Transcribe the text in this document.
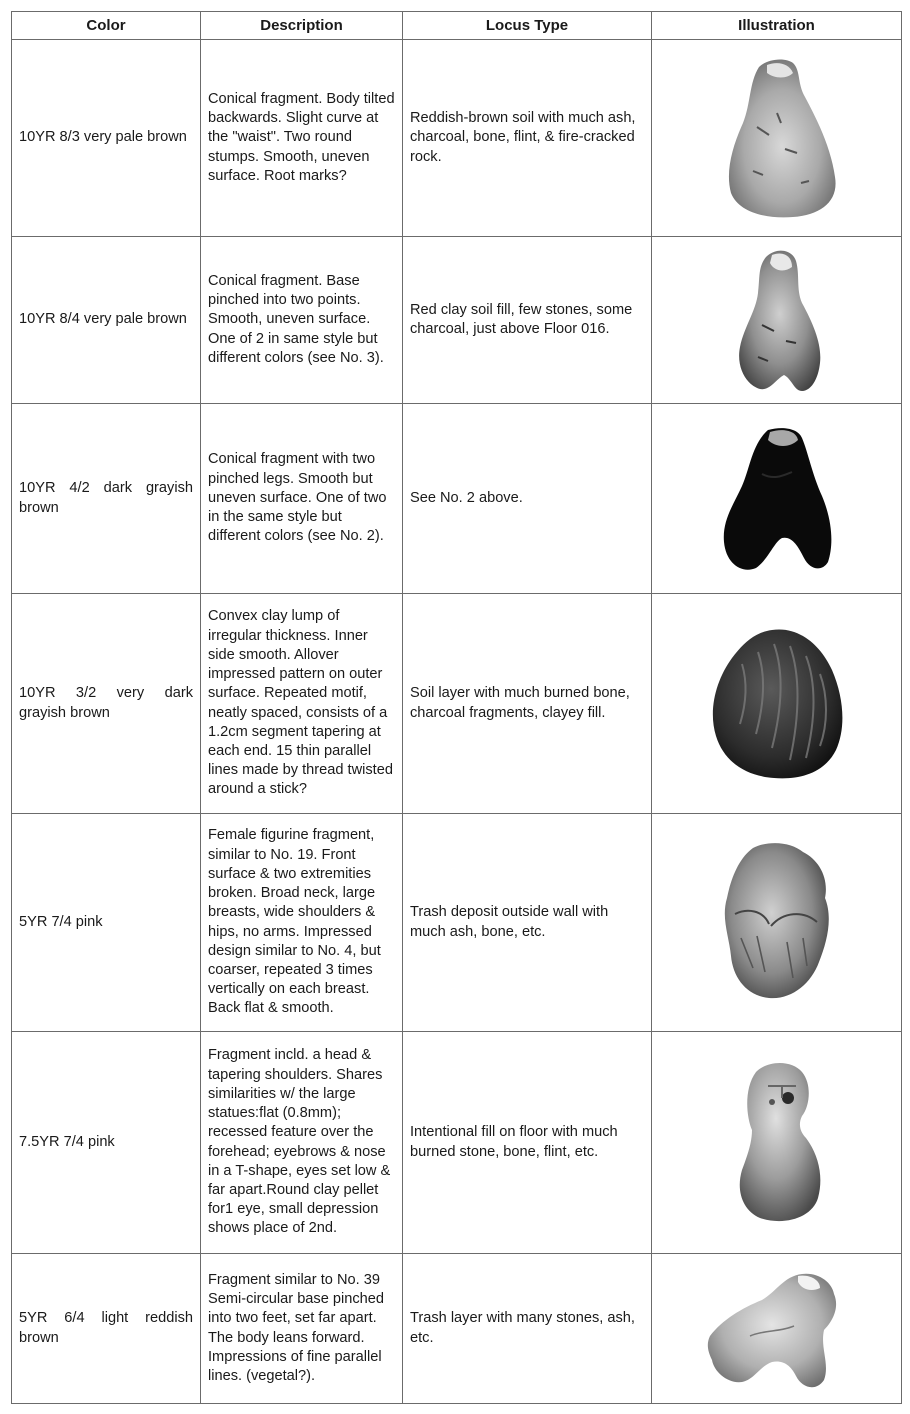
Color	Description	Locus Type	Illustration
10YR 8/3 very pale brown	Conical fragment. Body tilted backwards. Slight curve at the "waist". Two round stumps. Smooth, uneven surface. Root marks?	Reddish-brown soil with much ash, charcoal, bone, flint, & fire-cracked rock.	

10YR 8/4 very pale brown	Conical fragment. Base pinched into two points. Smooth, uneven surface. One of 2 in same style but different colors (see No. 3).	Red clay soil fill, few stones, some charcoal, just above Floor 016.	

10YR 4/2 dark grayish brown	Conical fragment with two pinched legs. Smooth but uneven surface. One of two in the same style but different colors (see No. 2).	See No. 2 above.	

10YR 3/2 very dark grayish brown	Convex clay lump of irregular thickness. Inner side smooth. Allover impressed pattern on outer surface. Repeated motif, neatly spaced, consists of a 1.2cm segment tapering at each end. 15 thin parallel lines made by thread twisted around a stick?	Soil layer with much burned bone, charcoal fragments, clayey fill.	

5YR 7/4 pink	Female figurine fragment, similar to No. 19. Front surface & two extremities broken. Broad neck, large breasts, wide shoulders & hips, no arms. Impressed design similar to No. 4, but coarser, repeated 3 times vertically on each breast. Back flat & smooth.	Trash deposit outside wall with much ash, bone, etc.	

7.5YR 7/4 pink	Fragment incld. a head & tapering shoulders. Shares similarities w/ the large statues:flat (0.8mm); recessed feature over the forehead; eyebrows & nose in a T-shape, eyes set low & far apart.Round clay pellet for1 eye, small depression shows place of 2nd.	Intentional fill on floor with much burned stone, bone, flint, etc.	

5YR 6/4 light reddish brown	Fragment similar to No. 39 Semi-circular base pinched into two feet, set far apart. The body leans forward. Impressions of fine parallel lines. (vegetal?).	Trash layer with many stones, ash, etc.	
